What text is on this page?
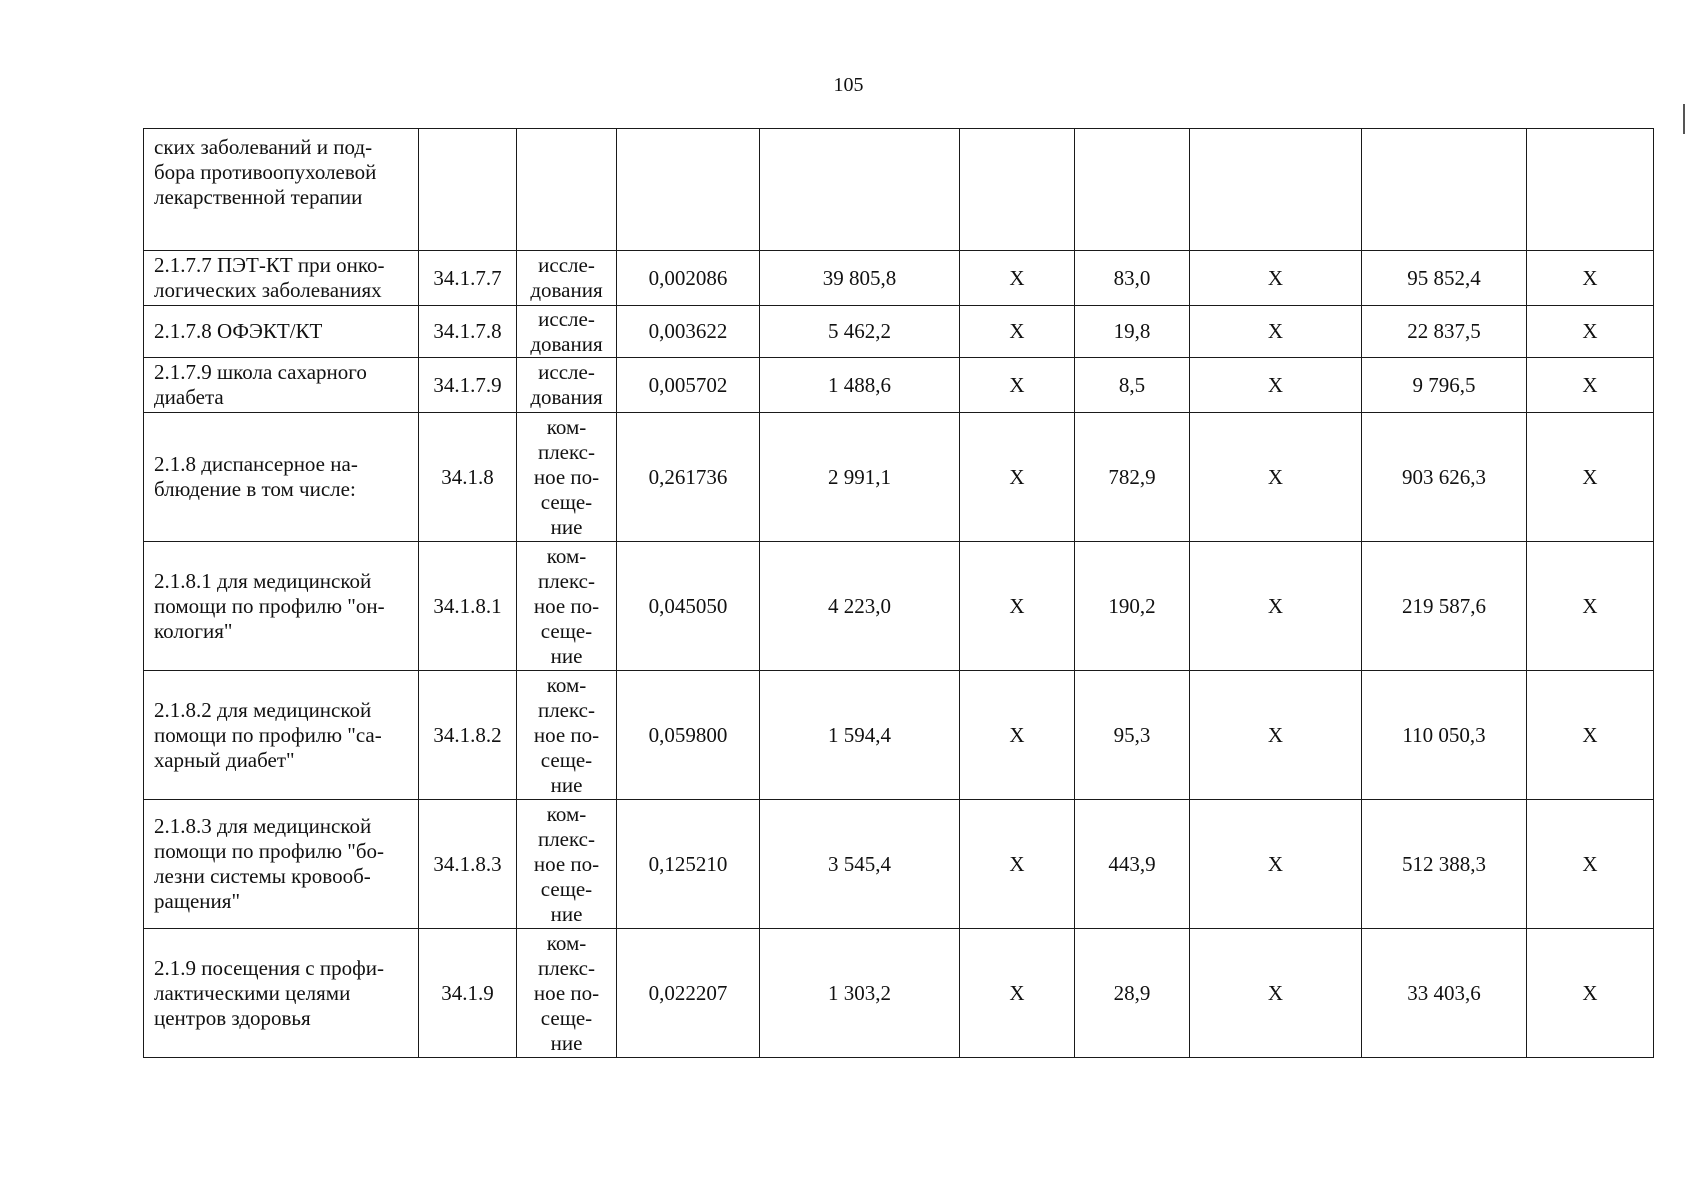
105
ских заболеваний и под-
бора противоопухолевой
лекарственной терапии									
2.1.7.7 ПЭТ-КТ при онко-
логических заболеваниях	34.1.7.7	иссле-
дования	0,002086	39 805,8	Х	83,0	Х	95 852,4	Х
2.1.7.8 ОФЭКТ/КТ	34.1.7.8	иссле-
дования	0,003622	5 462,2	Х	19,8	Х	22 837,5	Х
2.1.7.9 школа сахарного
диабета	34.1.7.9	иссле-
дования	0,005702	1 488,6	Х	8,5	Х	9 796,5	Х
2.1.8 диспансерное на-
блюдение в том числе:	34.1.8	ком-
плекс-
ное по-
сеще-
ние	0,261736	2 991,1	Х	782,9	Х	903 626,3	Х
2.1.8.1 для медицинской
помощи по профилю "он-
кология"	34.1.8.1	ком-
плекс-
ное по-
сеще-
ние	0,045050	4 223,0	Х	190,2	Х	219 587,6	Х
2.1.8.2 для медицинской
помощи по профилю "са-
харный диабет"	34.1.8.2	ком-
плекс-
ное по-
сеще-
ние	0,059800	1 594,4	Х	95,3	Х	110 050,3	Х
2.1.8.3 для медицинской
помощи по профилю "бо-
лезни системы кровооб-
ращения"	34.1.8.3	ком-
плекс-
ное по-
сеще-
ние	0,125210	3 545,4	Х	443,9	Х	512 388,3	Х
2.1.9 посещения с профи-
лактическими целями
центров здоровья	34.1.9	ком-
плекс-
ное по-
сеще-
ние	0,022207	1 303,2	Х	28,9	Х	33 403,6	Х
